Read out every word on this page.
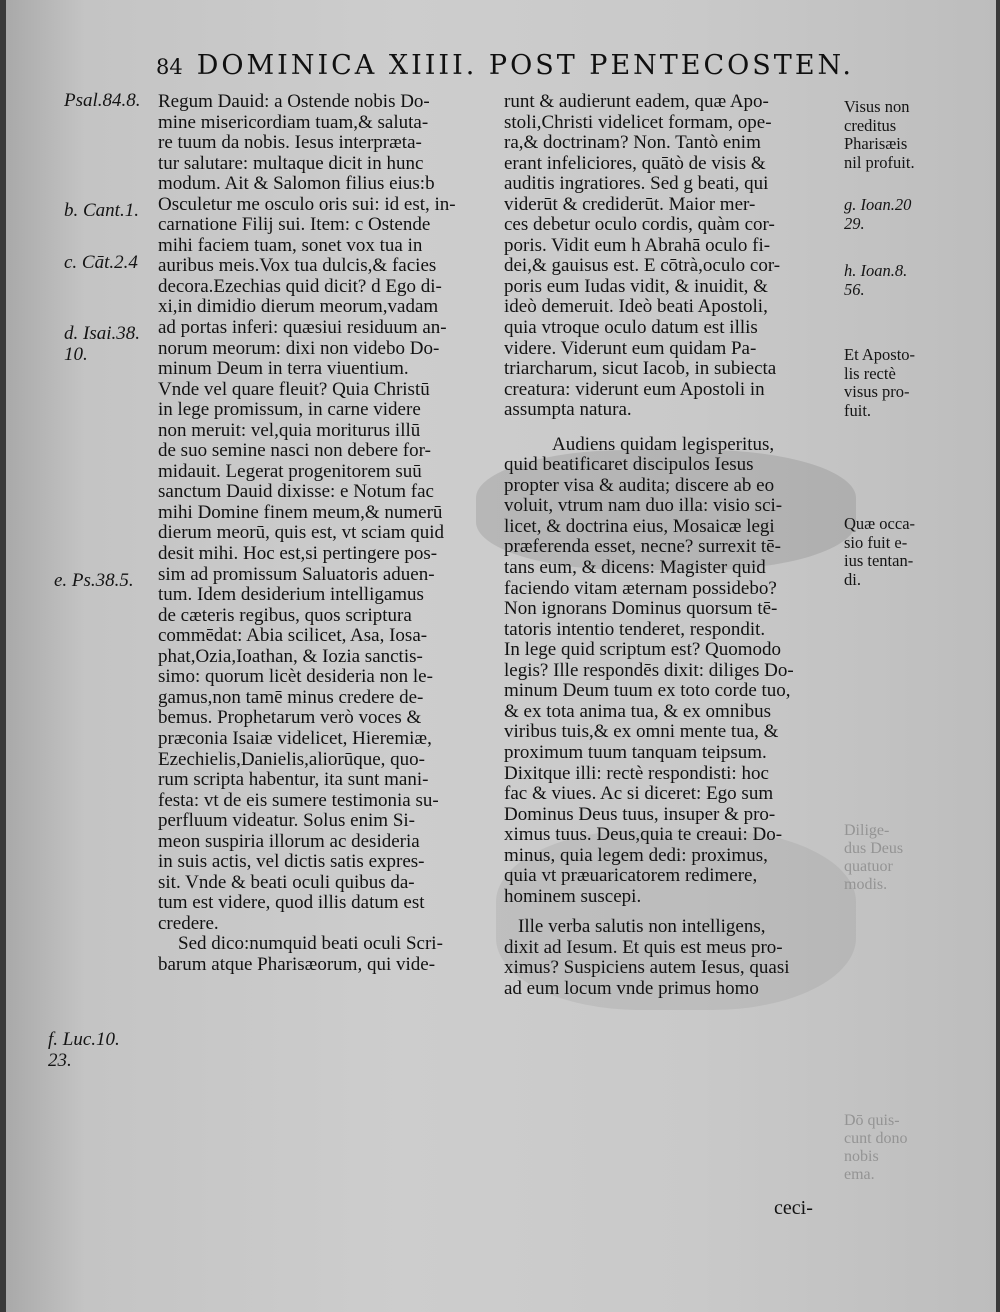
84 DOMINICA XIIII. POST PENTECOSTEN.
Psal.84.8.
b. Cant.1.
c. Cāt.2.4
d. Isai.38.
10.
e. Ps.38.5.
f. Luc.10.
23.
Regum Dauid: a Ostende nobis Do-
mine misericordiam tuam,& saluta-
re tuum da nobis. Iesus interpræta-
tur salutare: multaque dicit in hunc
modum. Ait & Salomon filius eius:b
Osculetur me osculo oris sui: id est, in-
carnatione Filij sui. Item: c Ostende
mihi faciem tuam, sonet vox tua in
auribus meis.Vox tua dulcis,& facies
decora.Ezechias quid dicit? d Ego di-
xi,in dimidio dierum meorum,vadam
ad portas inferi: quæsiui residuum an-
norum meorum: dixi non videbo Do-
minum Deum in terra viuentium.
Vnde vel quare fleuit? Quia Christū
in lege promissum, in carne videre
non meruit: vel,quia moriturus illū
de suo semine nasci non debere for-
midauit. Legerat progenitorem suū
sanctum Dauid dixisse: e Notum fac
mihi Domine finem meum,& numerū
dierum meorū, quis est, vt sciam quid
desit mihi. Hoc est,si pertingere pos-
sim ad promissum Saluatoris aduen-
tum. Idem desiderium intelligamus
de cæteris regibus, quos scriptura
commēdat: Abia scilicet, Asa, Iosa-
phat,Ozia,Ioathan, & Iozia sanctis-
simo: quorum licèt desideria non le-
gamus,non tamē minus credere de-
bemus. Prophetarum verò voces &
præconia Isaiæ videlicet, Hieremiæ,
Ezechielis,Danielis,aliorūque, quo-
rum scripta habentur, ita sunt mani-
festa: vt de eis sumere testimonia su-
perfluum videatur. Solus enim Si-
meon suspiria illorum ac desideria
in suis actis, vel dictis satis expres-
sit. Vnde & beati oculi quibus da-
tum est videre, quod illis datum est
credere.
Sed dico:numquid beati oculi Scri-
barum atque Pharisæorum, qui vide-
runt & audierunt eadem, quæ Apo-
stoli,Christi videlicet formam, ope-
ra,& doctrinam? Non. Tantò enim
erant infeliciores, quātò de visis &
auditis ingratiores. Sed g beati, qui
viderūt & crediderūt. Maior mer-
ces debetur oculo cordis, quàm cor-
poris. Vidit eum h Abrahā oculo fi-
dei,& gauisus est. E cōtrà,oculo cor-
poris eum Iudas vidit, & inuidit, &
ideò demeruit. Ideò beati Apostoli,
quia vtroque oculo datum est illis
videre. Viderunt eum quidam Pa-
triarcharum, sicut Iacob, in subiecta
creatura: viderunt eum Apostoli in
assumpta natura.
Audiens quidam legisperitus,
quid beatificaret discipulos Iesus
propter visa & audita; discere ab eo
voluit, vtrum nam duo illa: visio sci-
licet, & doctrina eius, Mosaicæ legi
præferenda esset, necne? surrexit tē-
tans eum, & dicens: Magister quid
faciendo vitam æternam possidebo?
Non ignorans Dominus quorsum tē-
tatoris intentio tenderet, respondit.
In lege quid scriptum est? Quomodo
legis? Ille respondēs dixit: diliges Do-
minum Deum tuum ex toto corde tuo,
& ex tota anima tua, & ex omnibus
viribus tuis,& ex omni mente tua, &
proximum tuum tanquam teipsum.
Dixitque illi: rectè respondisti: hoc
fac & viues. Ac si diceret: Ego sum
Dominus Deus tuus, insuper & pro-
ximus tuus. Deus,quia te creaui: Do-
minus, quia legem dedi: proximus,
quia vt præuaricatorem redimere,
hominem suscepi.
Ille verba salutis non intelligens,
dixit ad Iesum. Et quis est meus pro-
ximus? Suspiciens autem Iesus, quasi
ad eum locum vnde primus homo
ceci-
Visus non
creditus
Pharisæis
nil profuit.
g. Ioan.20
29.
h. Ioan.8.
56.
Et Aposto-
lis rectè
visus pro-
fuit.
Quæ occa-
sio fuit e-
ius tentan-
di.
Dilige-
dus Deus
quatuor
modis.
Dō quis-
cunt dono
nobis
ema.
